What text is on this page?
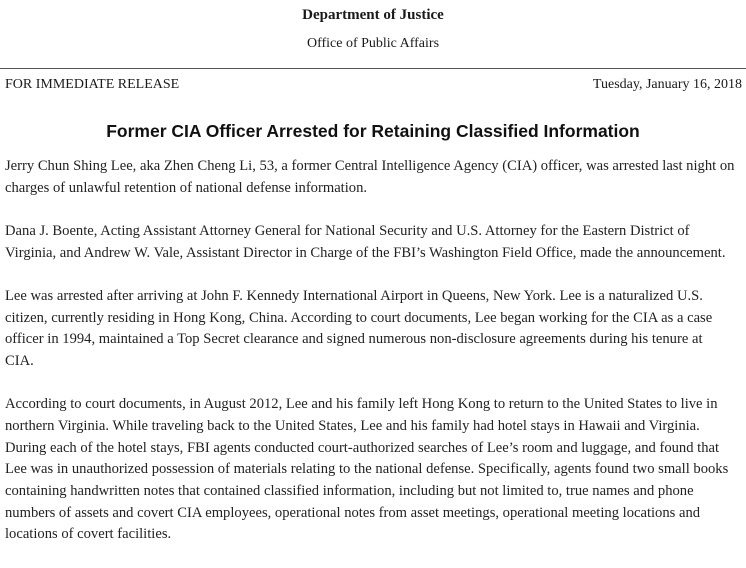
Department of Justice
Office of Public Affairs
FOR IMMEDIATE RELEASE	Tuesday, January 16, 2018
Former CIA Officer Arrested for Retaining Classified Information

Jerry Chun Shing Lee, aka Zhen Cheng Li, 53, a former Central Intelligence Agency (CIA) officer, was arrested last night on
charges of unlawful retention of national defense information.

Dana J. Boente, Acting Assistant Attorney General for National Security and U.S. Attorney for the Eastern District of
Virginia, and Andrew W. Vale, Assistant Director in Charge of the FBI’s Washington Field Office, made the announcement.

Lee was arrested after arriving at John F. Kennedy International Airport in Queens, New York. Lee is a naturalized U.S.
citizen, currently residing in Hong Kong, China. According to court documents, Lee began working for the CIA as a case
officer in 1994, maintained a Top Secret clearance and signed numerous non-disclosure agreements during his tenure at
CIA.

According to court documents, in August 2012, Lee and his family left Hong Kong to return to the United States to live in
northern Virginia. While traveling back to the United States, Lee and his family had hotel stays in Hawaii and Virginia.
During each of the hotel stays, FBI agents conducted court-authorized searches of Lee’s room and luggage, and found that
Lee was in unauthorized possession of materials relating to the national defense. Specifically, agents found two small books
containing handwritten notes that contained classified information, including but not limited to, true names and phone
numbers of assets and covert CIA employees, operational notes from asset meetings, operational meeting locations and
locations of covert facilities.
